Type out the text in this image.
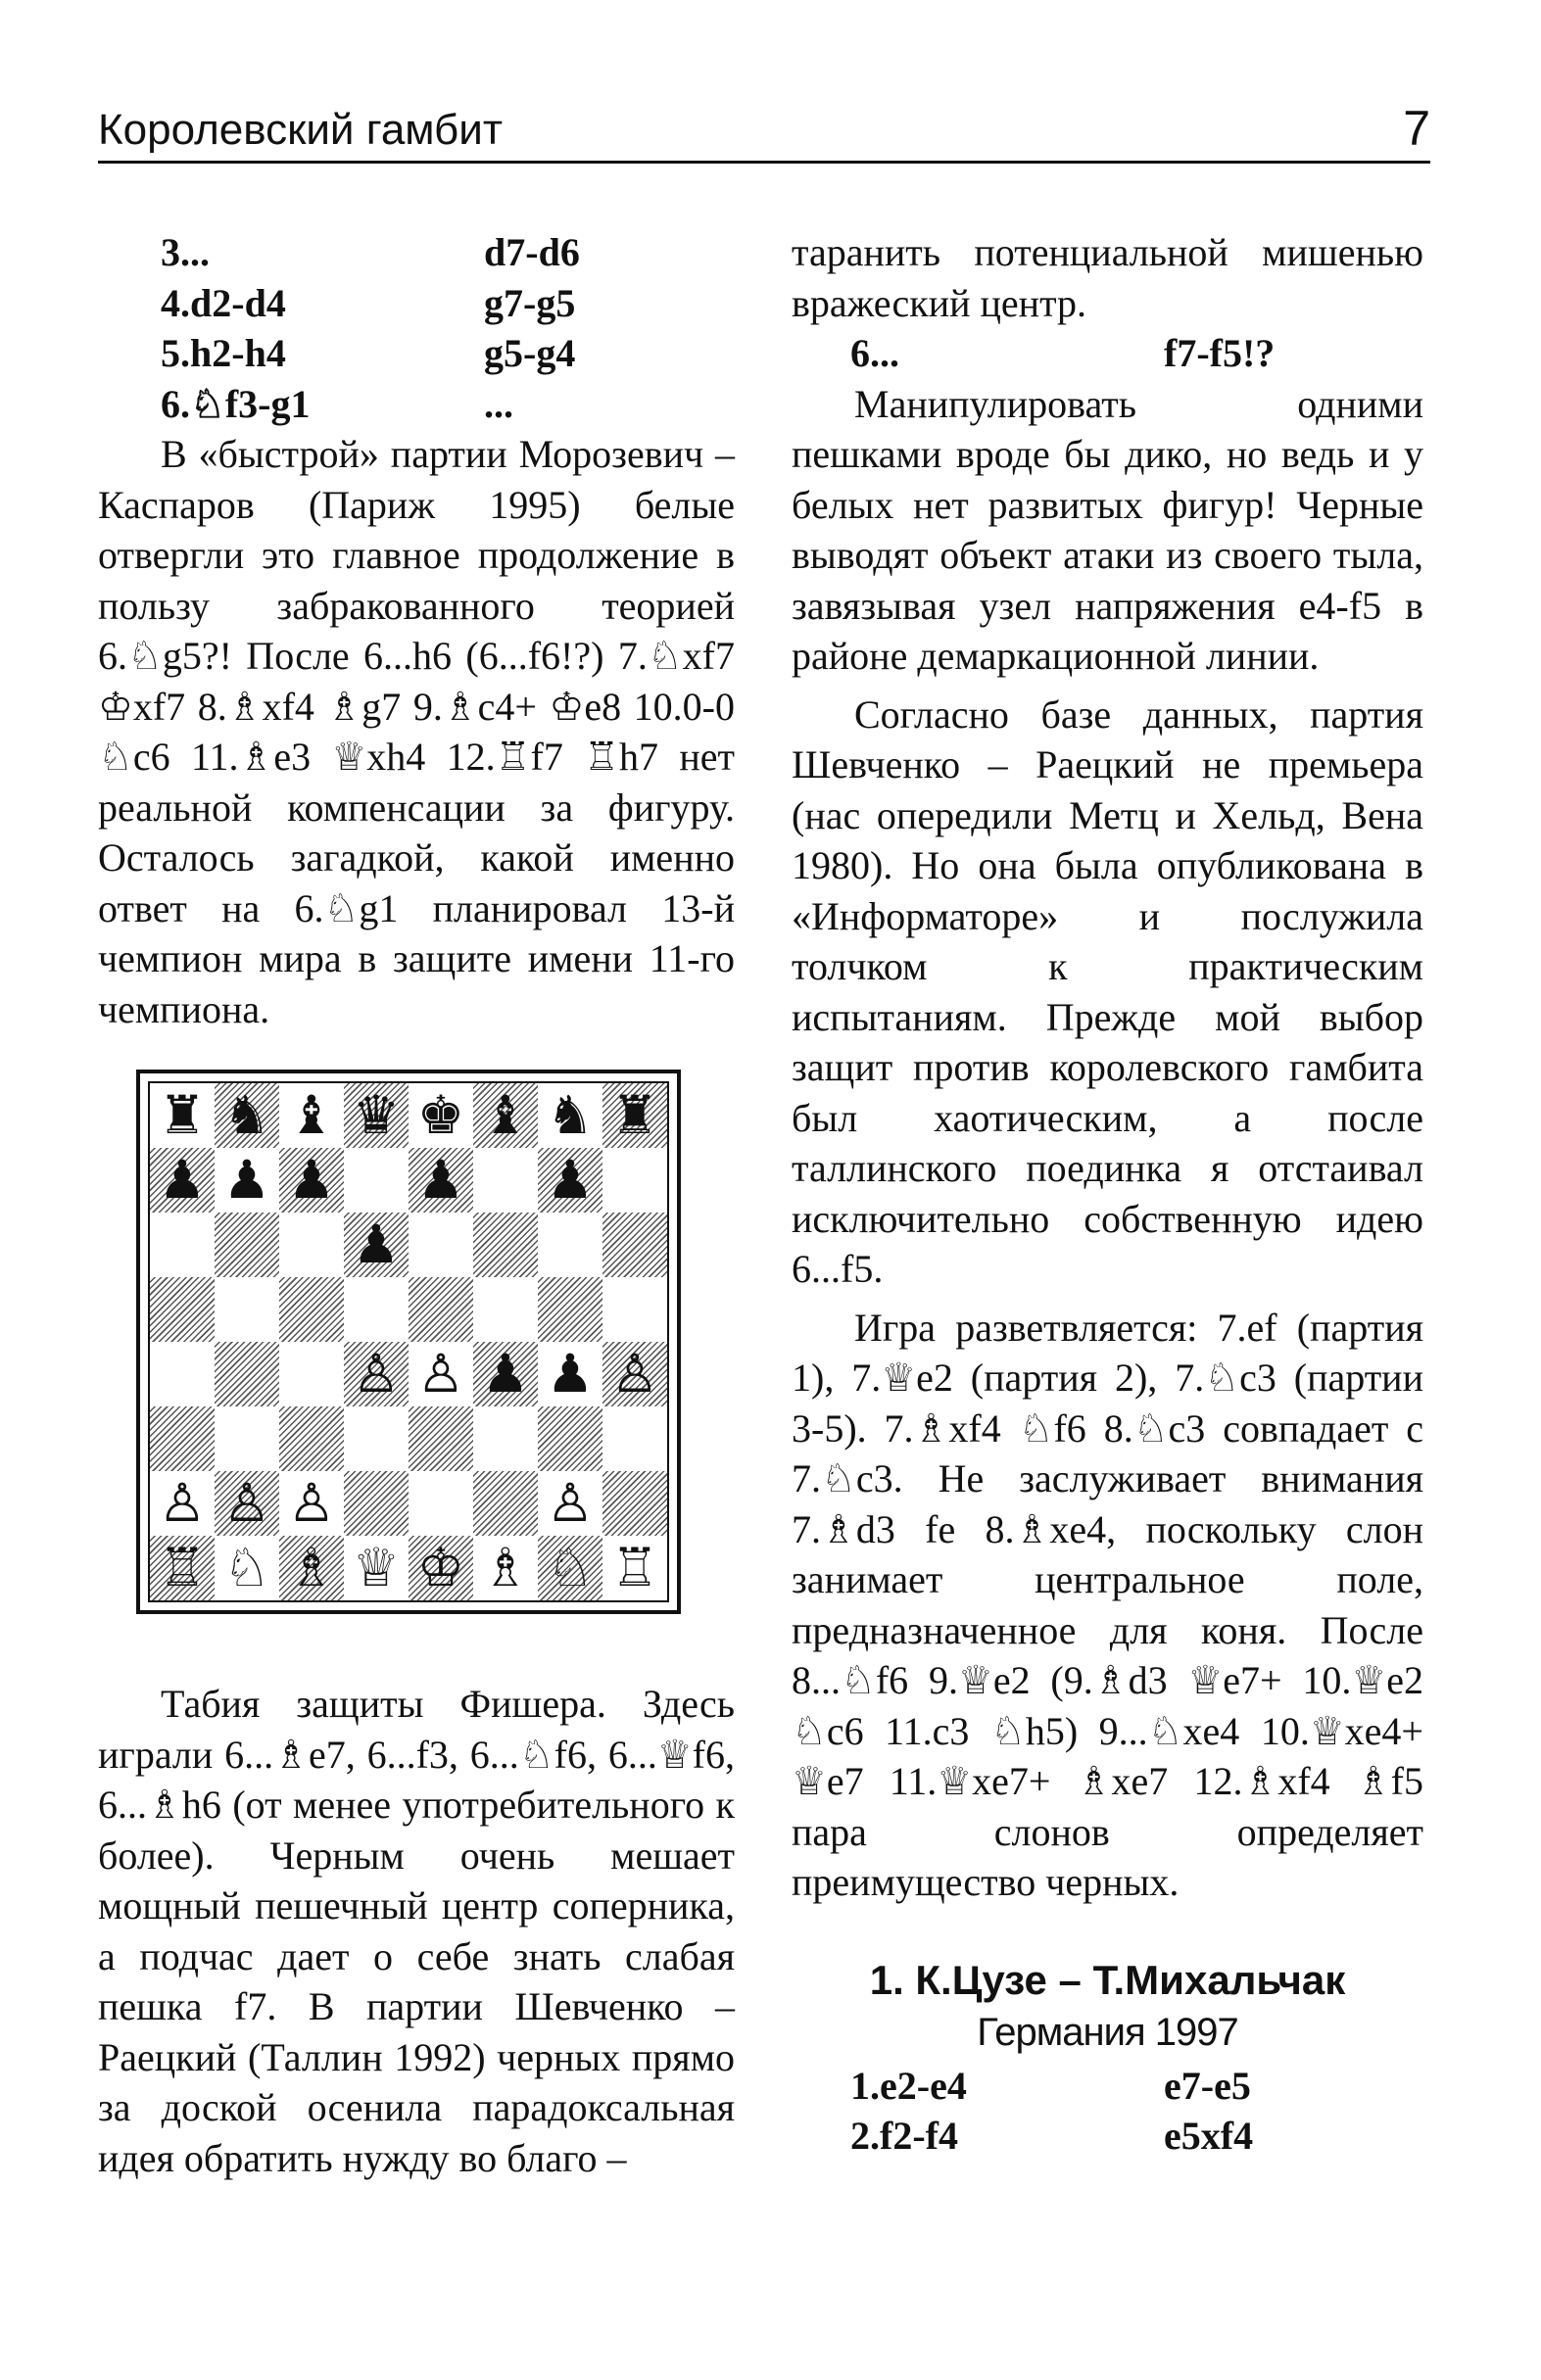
Королевский гамбит	7
3...	d7-d6
4.d2-d4	g7-g5
5.h2-h4	g5-g4
6.♘f3-g1	...

В «быстрой» партии Морозевич – Каспаров (Париж 1995) белые отвергли это главное продолжение в пользу забракованного теорией 6.♘g5?! После 6...h6 (6...f6!?) 7.♘xf7 ♔xf7 8.♗xf4 ♗g7 9.♗c4+ ♔e8 10.0-0 ♘c6 11.♗e3 ♕xh4 12.♖f7 ♖h7 нет реальной компенсации за фигуру. Осталось загадкой, какой именно ответ на 6.♘g1 планировал 13-й чемпион мира в защите имени 11-го чемпиона.

♜ ♞ ♝ ♛ ♚ ♝ ♞ ♜
♟ ♟ ♟ ♟ ♟
♟
♙ ♙ ♟ ♟ ♙
♙ ♙ ♙	♙
♖ ♘ ♗ ♕ ♔ ♗ ♘ ♖

Табия защиты Фишера. Здесь играли 6...♗e7, 6...f3, 6...♘f6, 6...♕f6, 6...♗h6 (от менее употребительного к более). Черным очень мешает мощный пешечный центр соперника, а подчас дает о себе знать слабая пешка f7. В партии Шевченко – Раецкий (Таллин 1992) черных прямо за доской осенила парадоксальная идея обратить нужду во благо –

таранить потенциальной мишенью вражеский центр.

6...	f7-f5!?

Манипулировать одними пешками вроде бы дико, но ведь и у белых нет развитых фигур! Черные выводят объект атаки из своего тыла, завязывая узел напряжения e4-f5 в районе демаркационной линии.

Согласно базе данных, партия Шевченко – Раецкий не премьера (нас опередили Метц и Хельд, Вена 1980). Но она была опубликована в «Информаторе» и послужила толчком к практическим испытаниям. Прежде мой выбор защит против королевского гамбита был хаотическим, а после таллинского поединка я отстаивал исключительно собственную идею 6...f5.

Игра разветвляется: 7.ef (партия 1), 7.♕e2 (партия 2), 7.♘c3 (партии 3-5). 7.♗xf4 ♘f6 8.♘c3 совпадает с 7.♘c3. Не заслуживает внимания 7.♗d3 fe 8.♗xe4, поскольку слон занимает центральное поле, предназначенное для коня. После 8...♘f6 9.♕e2 (9.♗d3 ♕e7+ 10.♕e2 ♘c6 11.c3 ♘h5) 9...♘xe4 10.♕xe4+ ♕e7 11.♕xe7+ ♗xe7 12.♗xf4 ♗f5 пара слонов определяет преимущество черных.

1. К.Цузе – Т.Михальчак
Германия 1997
1.e2-e4	e7-e5
2.f2-f4	e5xf4
